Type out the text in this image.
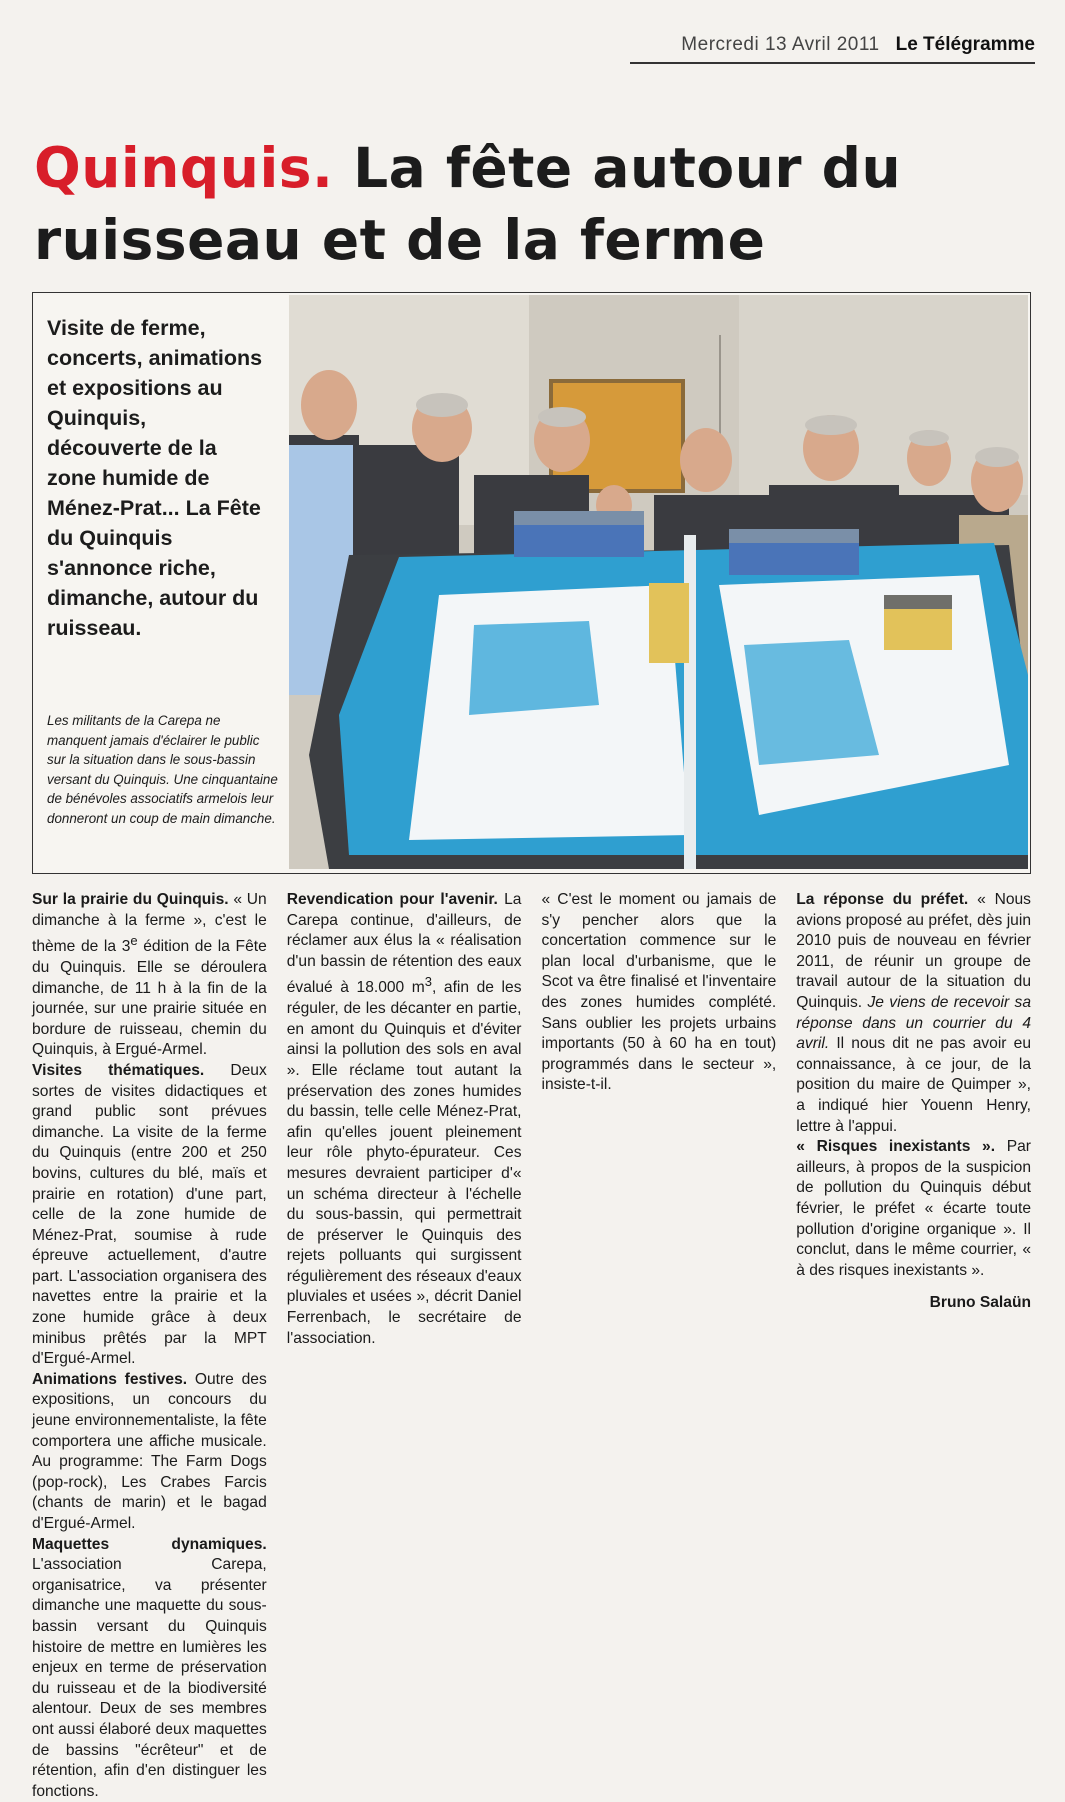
Mercredi 13 Avril 2011 Le Télégramme
Quinquis. La fête autour du ruisseau et de la ferme

Visite de ferme, concerts, animations et expositions au Quinquis, découverte de la zone humide de Ménez-Prat... La Fête du Quinquis s'annonce riche, dimanche, autour du ruisseau.

Les militants de la Carepa ne manquent jamais d'éclairer le public sur la situation dans le sous-bassin versant du Quinquis. Une cinquantaine de bénévoles associatifs armelois leur donneront un coup de main dimanche.

Sur la prairie du Quinquis. « Un dimanche à la ferme », c'est le thème de la 3e édition de la Fête du Quinquis. Elle se déroulera dimanche, de 11 h à la fin de la journée, sur une prairie située en bordure de ruisseau, chemin du Quinquis, à Ergué-Armel.

Visites thématiques. Deux sortes de visites didactiques et grand public sont prévues dimanche. La visite de la ferme du Quinquis (entre 200 et 250 bovins, cultures du blé, maïs et prairie en rotation) d'une part, celle de la zone humide de Ménez-Prat, soumise à rude épreuve actuellement, d'autre part. L'association organisera des navettes entre la prairie et la zone humide grâce à deux minibus prêtés par la MPT d'Ergué-Armel.

Animations festives. Outre des expositions, un concours du jeune environnementaliste, la fête comportera une affiche musicale. Au programme: The Farm Dogs (pop-rock), Les Crabes Farcis (chants de marin) et le bagad d'Ergué-Armel.

Maquettes dynamiques. L'association Carepa, organisatrice, va présenter dimanche une maquette du sous-bassin versant du Quinquis histoire de mettre en lumières les enjeux en terme de préservation du ruisseau et de la biodiversité alentour. Deux de ses membres ont aussi élaboré deux maquettes de bassins "écrêteur" et de rétention, afin d'en distinguer les fonctions.

Revendication pour l'avenir. La Carepa continue, d'ailleurs, de réclamer aux élus la « réalisation d'un bassin de rétention des eaux évalué à 18.000 $m^3$, afin de les réguler, de les décanter en partie, en amont du Quinquis et d'éviter ainsi la pollution des sols en aval ». Elle réclame tout autant la préservation des zones humides du bassin, telle celle Ménez-Prat, afin qu'elles jouent pleinement leur rôle phyto-épurateur. Ces mesures devraient participer d'« un schéma directeur à l'échelle du sous-bassin, qui permettrait de préserver le Quinquis des rejets polluants qui surgissent régulièrement des réseaux d'eaux pluviales et usées », décrit Daniel Ferrenbach, le secrétaire de l'association.

« C'est le moment ou jamais de s'y pencher alors que la concertation commence sur le plan local d'urbanisme, que le Scot va être finalisé et l'inventaire des zones humides complété. Sans oublier les projets urbains importants (50 à 60 ha en tout) programmés dans le secteur », insiste-t-il.

La réponse du préfet. « Nous avions proposé au préfet, dès juin 2010 puis de nouveau en février 2011, de réunir un groupe de travail autour de la situation du Quinquis. Je viens de recevoir sa réponse dans un courrier du 4 avril. Il nous dit ne pas avoir eu connaissance, à ce jour, de la position du maire de Quimper », a indiqué hier Youenn Henry, lettre à l'appui.

« Risques inexistants ». Par ailleurs, à propos de la suspicion de pollution du Quinquis début février, le préfet « écarte toute pollution d'origine organique ». Il conclut, dans le même courrier, « à des risques inexistants ».

Bruno Salaün
